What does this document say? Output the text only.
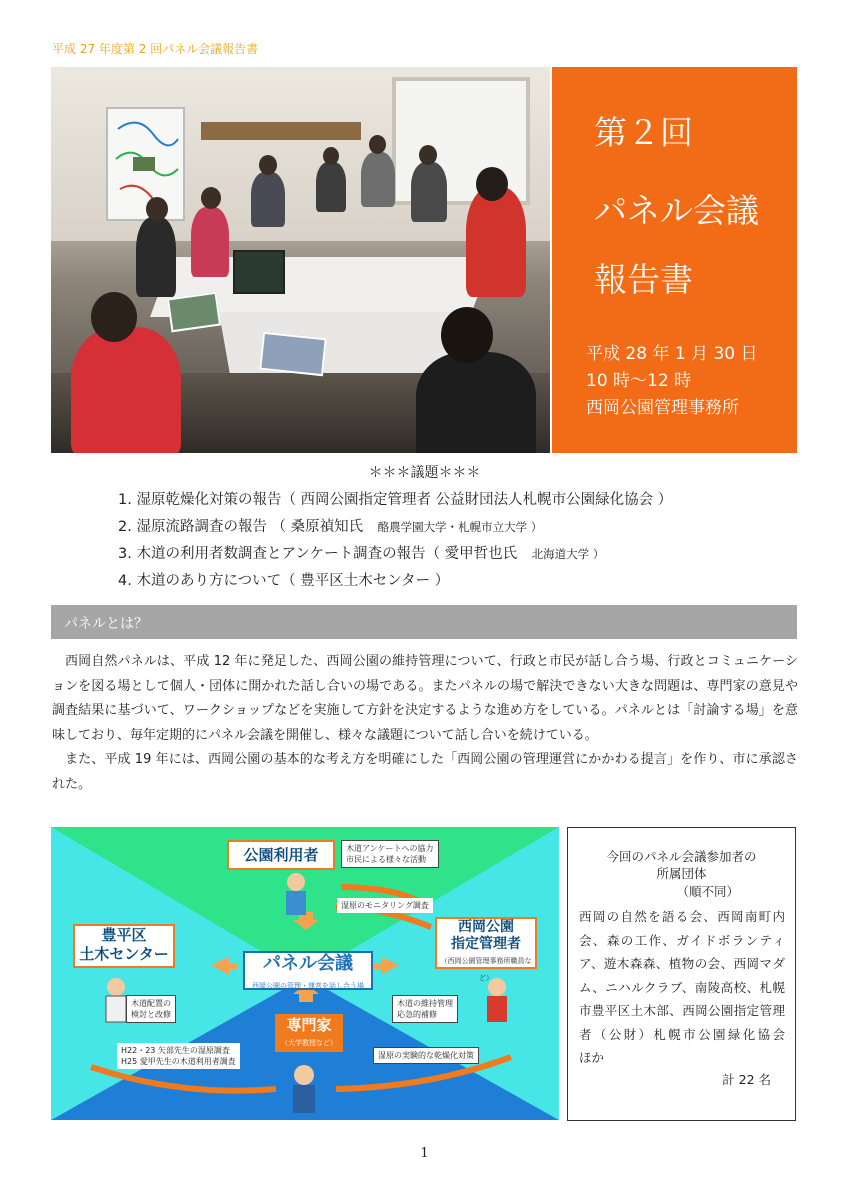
平成 27 年度第 2 回パネル会議報告書
第２回
パネル会議
報告書
平成 28 年 1 月 30 日
10 時～12 時
西岡公園管理事務所
＊＊＊議題＊＊＊
1. 湿原乾燥化対策の報告（ 西岡公園指定管理者 公益財団法人札幌市公園緑化協会 ）
2. 湿原流路調査の報告 （ 桑原禎知氏　 酪農学園大学・札幌市立大学 ）
3. 木道の利用者数調査とアンケート調査の報告（ 愛甲哲也氏　 北海道大学 ）
4. 木道のあり方について（ 豊平区土木センター ）
パネルとは？

西岡自然パネルは、平成 12 年に発足した、西岡公園の維持管理について、行政と市民が話し合う場、行政とコミュニケーションを図る場として個人・団体に開かれた話し合いの場である。またパネルの場で解決できない大きな問題は、専門家の意見や調査結果に基づいて、ワークショップなどを実施して方針を決定するような進め方をしている。パネルとは「討論する場」を意味しており、毎年定期的にパネル会議を開催し、様々な議題について話し合いを続けている。

また、平成 19 年には、西岡公園の基本的な考え方を明確にした「西岡公園の管理運営にかかわる提言」を作り、市に承認された。

公園利用者	木道アンケートへの協力
市民による様々な活動
湿原のモニタリング調査
豊平区
土木センター
木道配置の
検討と改修
西岡公園
指定管理者
（西岡公園管理事務所職員など）
木道の維持管理
応急的補修
パネル会議
西岡公園の管理・運営を話し合う場
専門家
（大学教授など）
H22・23 矢部先生の湿原調査
H25 愛甲先生の木道利用者調査
湿原の実験的な乾燥化対策
今回のパネル会議参加者の
所属団体
（順不同）
西岡の自然を語る会、西岡南町内会、森の工作、ガイドボランティア、遊木森森、植物の会、西岡マダム、ニハルクラブ、南陵高校、札幌市豊平区土木部、西岡公園指定管理者（公財）札幌市公園緑化協会　　ほか
計 22 名
1
